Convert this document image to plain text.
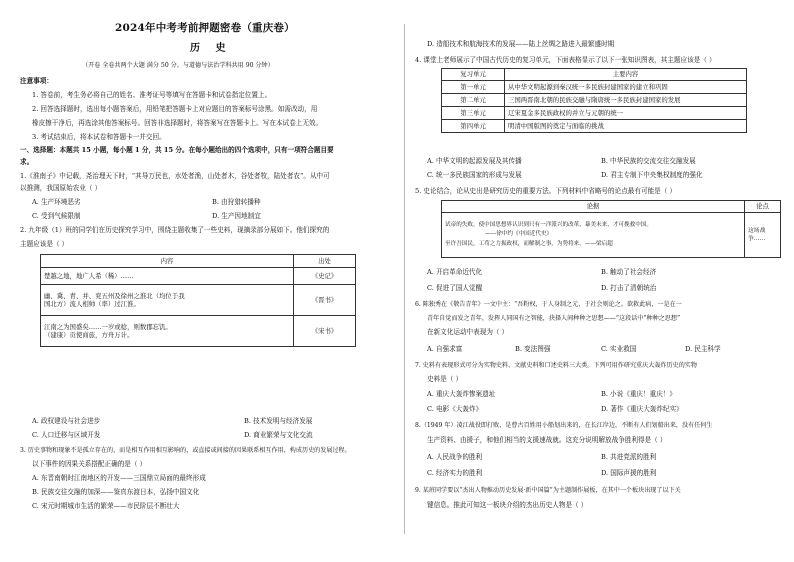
2024年中考考前押题密卷（重庆卷）
历 史
（开卷 全卷共两个大题 满分 50 分。与道德与法治学科共用 90 分钟）
注意事项：
1. 答卷前，考生务必将自己的姓名、准考证号等填写在答题卡和试卷指定位置上。
2. 回答选择题时，选出每小题答案后，用铅笔把答题卡上对应题目的答案标号涂黑。如需改动，用
橡皮擦干净后，再选涂其他答案标号。回答非选择题时，将答案写在答题卡上。写在本试卷上无效。
3. 考试结束后，将本试卷和答题卡一并交回。
一、选择题：本题共 15 小题，每小题 1 分，共 15 分。在每小题给出的四个选项中，只有一项符合题目要
求。
1.《淮南子》中记载，尧治理天下时，“其导万民也，水处者渔，山处者木，谷处者牧，陆处者农”。从中可
以推测，我国原始农业（ ）
A. 生产环境恶劣	B. 由狩猎转播种
C. 受到气候限制	D. 生产因地制宜
2. 九年级（1）班的同学们在历史探究学习中，围绕主题收集了一些史料，现摘录部分展如下。他们探究的
主题应该是（ ）
内容	出处
楚越之地，地广人希（稀）……	《史记》
幽、冀、青、并、兖五州及徐州之淮北（均位于我
国北方）流人相帅（率）过江淮。	《晋书》
江南之为国盛矣……一岁或稔，则数郡忘饥。
（建康）贡使商旅，方舟万计。	《宋书》
A. 政权建设与社会进步	B. 技术发明与经济发展
C. 人口迁移与区域开发	D. 商业繁荣与文化交流
3. 历史事物和现象不是孤立存在的，而是相互作用相互影响的，或直接或间接的因果联系相互作用，构成历史的发展过程。
以下事件的因果关系搭配正确的是（ ）
A. 东晋南朝时江南地区的开发——三国鼎立局面的最终形成
B. 民族交往交融的加深——鉴真东渡日本，弘扬中国文化
C. 宋元时期城市生活的繁荣——市民阶层不断壮大
D. 造船技术和航海技术的发展——陆上丝绸之路进入最繁盛时期
4. 课堂上老师展示了中国古代历史的复习单元，下面表格显示了以下一张知识图表，其主题应该是（ ）
复习单元	主要内容
第一单元	从中华文明起源到秦汉统一多民族封建国家的建立和巩固
第二单元	三国两晋南北朝的民族交融与隋唐统一多民族封建国家的发展
第三单元	辽宋夏金多民族政权的并立与元朝的统一
第四单元	明清中国版图的奠定与面临的挑战
A. 中华文明的起源发展及其传播	B. 中华民族的交流交往交融发展
C. 统一多民族国家的形成与发展	D. 君主专制下中央集权制度的强化
5. 史论结合，论从史出是研究历史的重要方法。下列材料中省略号的论点最有可能是（ ）
论据	论点
试帝的失败，使中国思想界认识到只有一洋派兴的改革，暴美未来，才可挽救中国。
——徐中约《中国近代史》
至许吾国民，工苟之力振政权，而解制之事，为势将来。——梁启超	这场战
争……
A. 开启革命近代化	B. 触动了社会经济
C. 促进了国人觉醒	D. 打击了清朝统治
6. 陈独秀在《敬告青年》一文中主：“吾粉权，于人身制之元，于社会则论之。欲救此病，一是在一
青年自觉而发之青年，发挥人同国有之智能，抉择人间种种之思想——”这段话中“种种之思想”
在新文化运动中表现为（ ）
A. 自强求富	B. 变法图强	C. 实业救国	D. 民主科学
7. 史料有表现形式可分为实物史料、文献史料和口述史料三大类。下列可用作研究重庆大轰炸历史的实物
史料是（ ）
A. 重庆大轰炸惨案遗址	B. 小说《重庆！重庆！》
C. 电影《大轰炸》	D. 著作《重庆大轰炸纪实》
8.（1949 年）凌江战役即打败，是曹古百姓用小船划出来的，在长江岸边，不断有人们划船出来，没有任何生
生产资料、由援子，和他们相当的支援速战就。这充分说明解放战争胜利得是（ ）
A. 人民战争的胜利	B. 共进党派的胜利
C. 经济实力的胜利	D. 国际声援的胜利
9. 某班同学要以“杰出人物推动历史发展·新中国篇”为主题制作展板，在其中一个板块出现了以下关
键信息。推此可知这一板块介绍的杰出历史人物是（ ）
